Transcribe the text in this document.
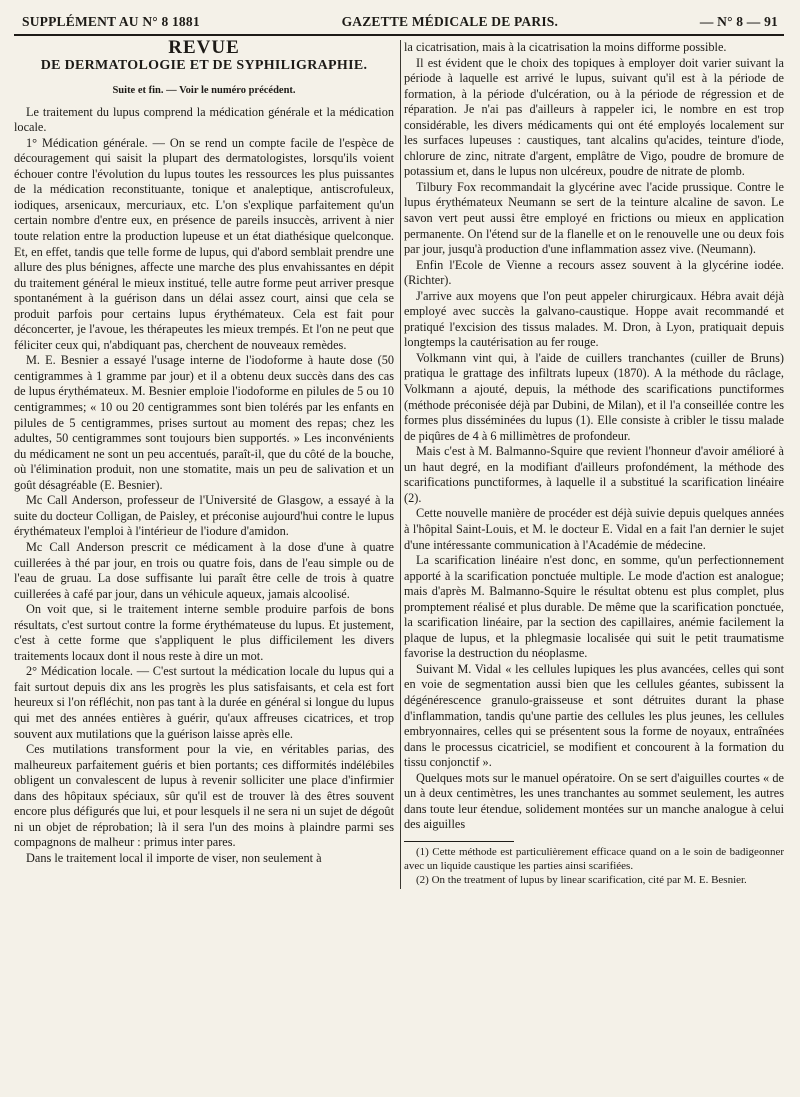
SUPPLÉMENT AU N° 8 1881	GAZETTE MÉDICALE DE PARIS.	— N° 8 — 91
REVUE
DE DERMATOLOGIE ET DE SYPHILIGRAPHIE.
Suite et fin. — Voir le numéro précédent.

Le traitement du lupus comprend la médication générale et la médication locale.

1° Médication générale. — On se rend un compte facile de l'espèce de découragement qui saisit la plupart des dermatologistes, lorsqu'ils voient échouer contre l'évolution du lupus toutes les ressources les plus puissantes de la médication reconstituante, tonique et analeptique, antiscrofuleux, iodiques, arsenicaux, mercuriaux, etc. L'on s'explique parfaitement qu'un certain nombre d'entre eux, en présence de pareils insuccès, arrivent à nier toute relation entre la production lupeuse et un état diathésique quelconque. Et, en effet, tandis que telle forme de lupus, qui d'abord semblait prendre une allure des plus bénignes, affecte une marche des plus envahissantes en dépit du traitement général le mieux institué, telle autre forme peut arriver presque spontanément à la guérison dans un délai assez court, ainsi que cela se produit parfois pour certains lupus érythémateux. Cela est fait pour déconcerter, je l'avoue, les thérapeutes les mieux trempés. Et l'on ne peut que féliciter ceux qui, n'abdiquant pas, cherchent de nouveaux remèdes.

M. E. Besnier a essayé l'usage interne de l'iodoforme à haute dose (50 centigrammes à 1 gramme par jour) et il a obtenu deux succès dans des cas de lupus érythémateux. M. Besnier emploie l'iodoforme en pilules de 5 ou 10 centigrammes; « 10 ou 20 centigrammes sont bien tolérés par les enfants en pilules de 5 centigrammes, prises surtout au moment des repas; chez les adultes, 50 centigrammes sont toujours bien supportés. » Les inconvénients du médicament ne sont un peu accentués, paraît-il, que du côté de la bouche, où l'élimination produit, non une stomatite, mais un peu de salivation et un goût désagréable (E. Besnier).

Mc Call Anderson, professeur de l'Université de Glasgow, a essayé à la suite du docteur Colligan, de Paisley, et préconise aujourd'hui contre le lupus érythémateux l'emploi à l'intérieur de l'iodure d'amidon.

Mc Call Anderson prescrit ce médicament à la dose d'une à quatre cuillerées à thé par jour, en trois ou quatre fois, dans de l'eau simple ou de l'eau de gruau. La dose suffisante lui paraît être celle de trois à quatre cuillerées à café par jour, dans un véhicule aqueux, jamais alcoolisé.

On voit que, si le traitement interne semble produire parfois de bons résultats, c'est surtout contre la forme érythémateuse du lupus. Et justement, c'est à cette forme que s'appliquent le plus difficilement les divers traitements locaux dont il nous reste à dire un mot.

2° Médication locale. — C'est surtout la médication locale du lupus qui a fait surtout depuis dix ans les progrès les plus satisfaisants, et cela est fort heureux si l'on réfléchit, non pas tant à la durée en général si longue du lupus qui met des années entières à guérir, qu'aux affreuses cicatrices, et trop souvent aux mutilations que la guérison laisse après elle.

Ces mutilations transforment pour la vie, en véritables parias, des malheureux parfaitement guéris et bien portants; ces difformités indélébiles obligent un convalescent de lupus à revenir solliciter une place d'infirmier dans des hôpitaux spéciaux, sûr qu'il est de trouver là des êtres souvent encore plus défigurés que lui, et pour lesquels il ne sera ni un sujet de dégoût ni un objet de réprobation; là il sera l'un des moins à plaindre parmi ses compagnons de malheur : primus inter pares.

Dans le traitement local il importe de viser, non seulement à

la cicatrisation, mais à la cicatrisation la moins difforme possible.

Il est évident que le choix des topiques à employer doit varier suivant la période à laquelle est arrivé le lupus, suivant qu'il est à la période de formation, à la période d'ulcération, ou à la période de régression et de réparation. Je n'ai pas d'ailleurs à rappeler ici, le nombre en est trop considérable, les divers médicaments qui ont été employés localement sur les surfaces lupeuses : caustiques, tant alcalins qu'acides, teinture d'iode, chlorure de zinc, nitrate d'argent, emplâtre de Vigo, poudre de bromure de potassium et, dans le lupus non ulcéreux, poudre de nitrate de plomb.

Tilbury Fox recommandait la glycérine avec l'acide prussique. Contre le lupus érythémateux Neumann se sert de la teinture alcaline de savon. Le savon vert peut aussi être employé en frictions ou mieux en application permanente. On l'étend sur de la flanelle et on le renouvelle une ou deux fois par jour, jusqu'à production d'une inflammation assez vive. (Neumann).

Enfin l'Ecole de Vienne a recours assez souvent à la glycérine iodée. (Richter).

J'arrive aux moyens que l'on peut appeler chirurgicaux. Hébra avait déjà employé avec succès la galvano-caustique. Hoppe avait recommandé et pratiqué l'excision des tissus malades. M. Dron, à Lyon, pratiquait depuis longtemps la cautérisation au fer rouge.

Volkmann vint qui, à l'aide de cuillers tranchantes (cuiller de Bruns) pratiqua le grattage des infiltrats lupeux (1870). A la méthode du râclage, Volkmann a ajouté, depuis, la méthode des scarifications punctiformes (méthode préconisée déjà par Dubini, de Milan), et il l'a conseillée contre les formes plus disséminées du lupus (1). Elle consiste à cribler le tissu malade de piqûres de 4 à 6 millimètres de profondeur.

Mais c'est à M. Balmanno-Squire que revient l'honneur d'avoir amélioré à un haut degré, en la modifiant d'ailleurs profondément, la méthode des scarifications punctiformes, à laquelle il a substitué la scarification linéaire (2).

Cette nouvelle manière de procéder est déjà suivie depuis quelques années à l'hôpital Saint-Louis, et M. le docteur E. Vidal en a fait l'an dernier le sujet d'une intéressante communication à l'Académie de médecine.

La scarification linéaire n'est donc, en somme, qu'un perfectionnement apporté à la scarification ponctuée multiple. Le mode d'action est analogue; mais d'après M. Balmanno-Squire le résultat obtenu est plus complet, plus promptement réalisé et plus durable. De même que la scarification ponctuée, la scarification linéaire, par la section des capillaires, anémie facilement la plaque de lupus, et la phlegmasie localisée qui suit le petit traumatisme favorise la destruction du néoplasme.

Suivant M. Vidal « les cellules lupiques les plus avancées, celles qui sont en voie de segmentation aussi bien que les cellules géantes, subissent la dégénérescence granulo-graisseuse et sont détruites durant la phase d'inflammation, tandis qu'une partie des cellules les plus jeunes, les cellules embryonnaires, celles qui se présentent sous la forme de noyaux, entraînées dans le processus cicatriciel, se modifient et concourent à la formation du tissu conjonctif ».

Quelques mots sur le manuel opératoire. On se sert d'aiguilles courtes « de un à deux centimètres, les unes tranchantes au sommet seulement, les autres dans toute leur étendue, solidement montées sur un manche analogue à celui des aiguilles

(1) Cette méthode est particulièrement efficace quand on a le soin de badigeonner avec un liquide caustique les parties ainsi scarifiées.

(2) On the treatment of lupus by linear scarification, cité par M. E. Besnier.
